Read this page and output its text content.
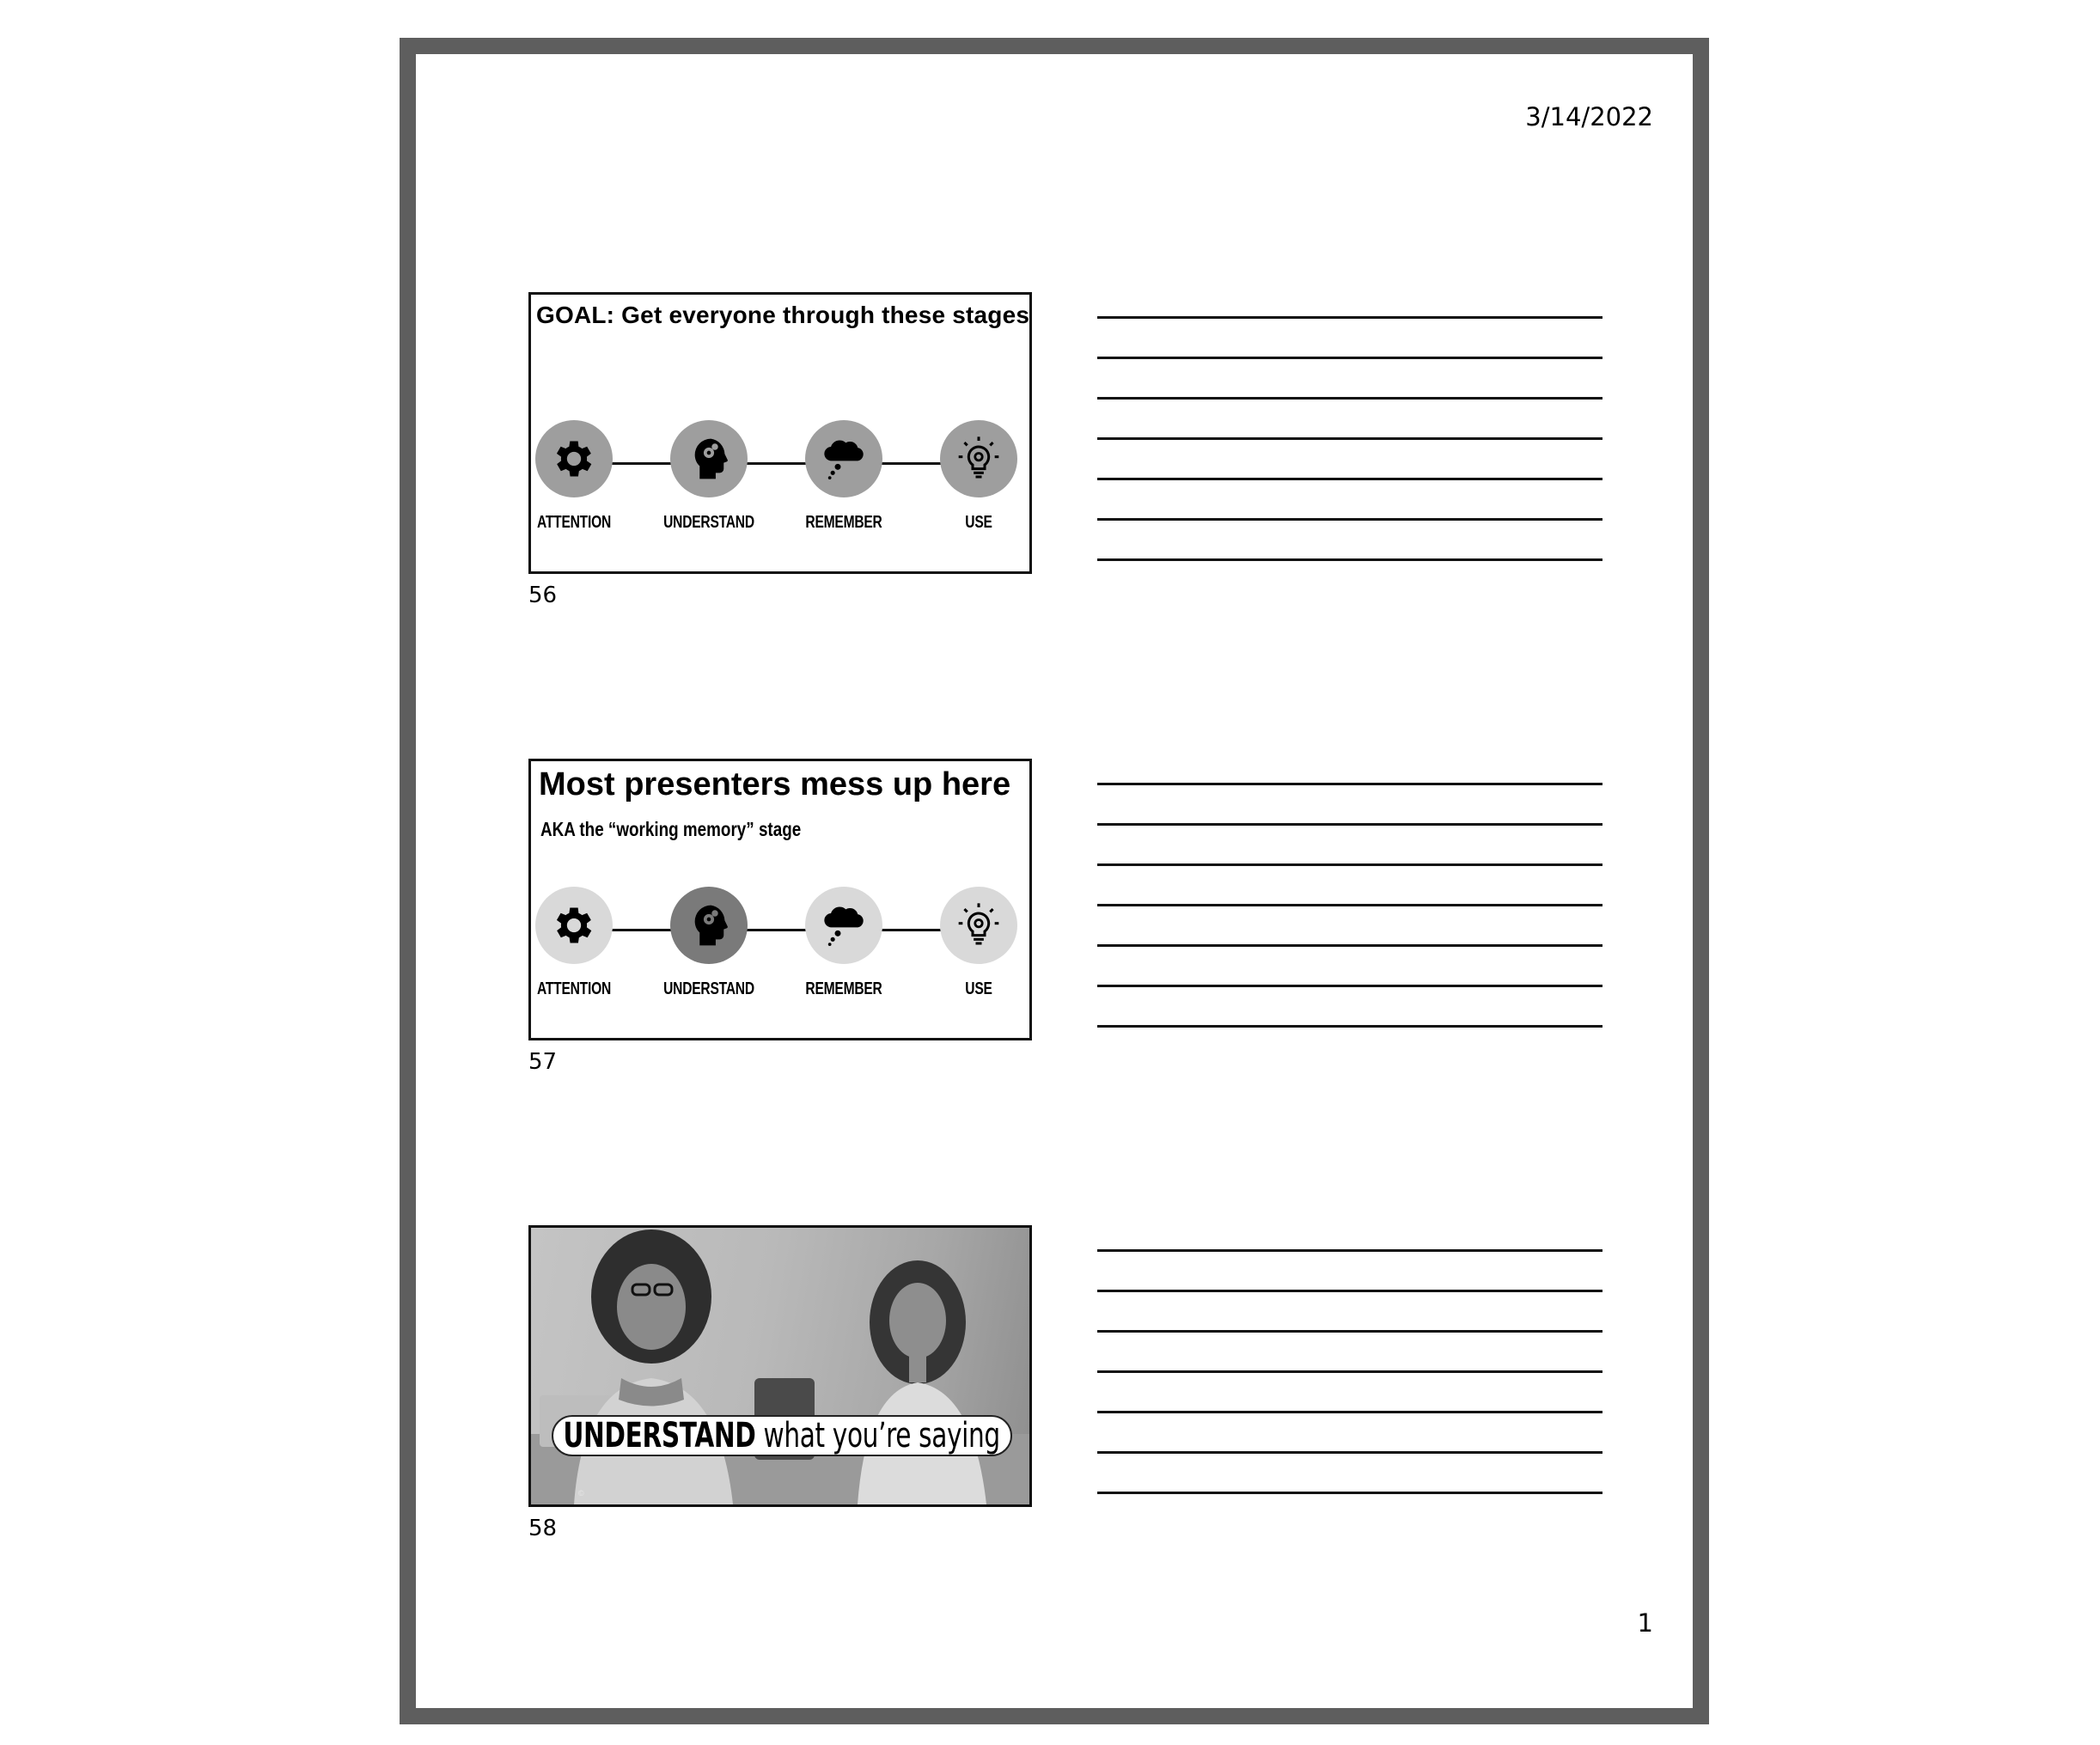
3/14/2022
GOAL: Get everyone through these stages
ATTENTION	UNDERSTAND	REMEMBER	USE
56
Most presenters mess up here
AKA the “working memory” stage
ATTENTION	UNDERSTAND	REMEMBER	USE
57
©
UNDERSTAND what you’re saying
58
1
